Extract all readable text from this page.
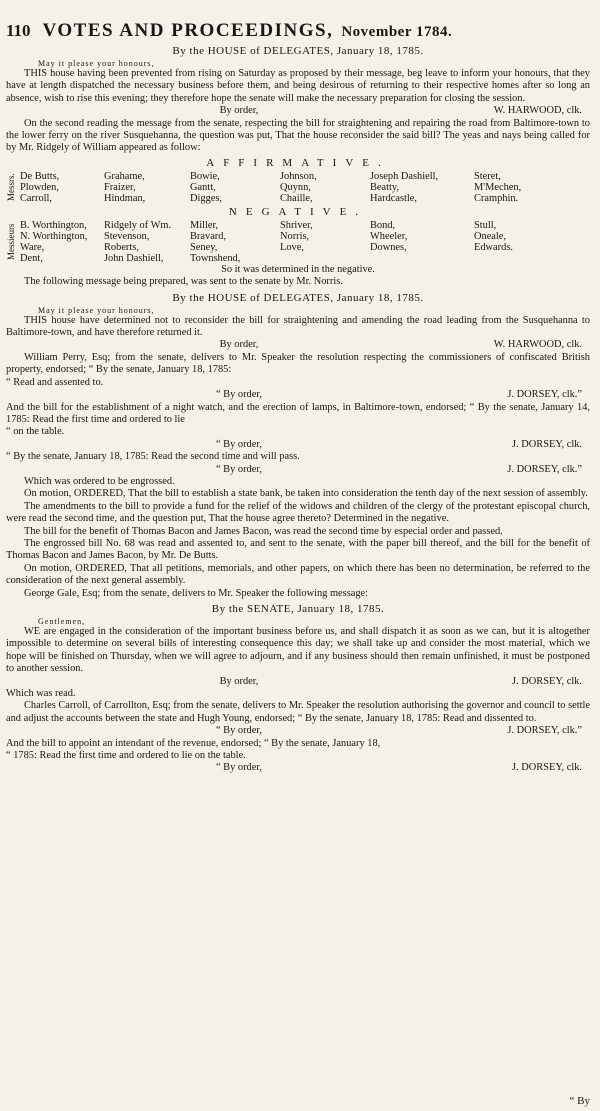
110 VOTES AND PROCEEDINGS, November 1784.
By the HOUSE of DELEGATES, January 18, 1785.
May it please your honours,

THIS house having been prevented from rising on Saturday as proposed by their message, beg leave to inform your honours, that they have at length dispatched the necessary business before them, and being desirous of returning to their respective homes after so long an absence, wish to rise this evening; they therefore hope the senate will make the necessary preparation for closing the session.

By order,	W. HARWOOD, clk.

On the second reading the message from the senate, respecting the bill for straightening and repairing the road from Baltimore-town to the lower ferry on the river Susquehanna, the question was put, That the house reconsider the said bill? The yeas and nays being called for by Mr. Ridgely of William appeared as follow:

AFFIRMATIVE.
Messrs. De Butts,	Grahame,	Bowie,	Johnson,	Joseph Dashiell,	Steret,
Plowden,	Fraizer,	Gantt,	Quynn,	Beatty,	M'Mechen,
Carroll,	Hindman,	Digges,	Chaille,	Hardcastle,	Cramphin.
NEGATIVE.
Messieurs B. Worthington,	Ridgely of Wm.	Miller,	Shriver,	Bond,	Stull,
N. Worthington,	Stevenson,	Bravard,	Norris,	Wheeler,	Oneale,
Ware,	Roberts,	Seney,	Love,	Downes,	Edwards.
Dent,	John Dashiell,	Townshend,

So it was determined in the negative.

The following message being prepared, was sent to the senate by Mr. Norris.

By the HOUSE of DELEGATES, January 18, 1785.
May it please your honours,

THIS house have determined not to reconsider the bill for straightening and amending the road leading from the Susquehanna to Baltimore-town, and have therefore returned it.

By order,	W. HARWOOD, clk.

William Perry, Esq; from the senate, delivers to Mr. Speaker the resolution respecting the commissioners of confiscated British property, endorsed; “ By the senate, January 18, 1785:

“ Read and assented to.

“ By order,	J. DORSEY, clk.”

And the bill for the establishment of a night watch, and the erection of lamps, in Baltimore-town, endorsed; “ By the senate, January 14, 1785: Read the first time and ordered to lie

“ on the table.

“ By order,	J. DORSEY, clk.

“ By the senate, January 18, 1785: Read the second time and will pass.

“ By order,	J. DORSEY, clk.”

Which was ordered to be engrossed.

On motion, ORDERED, That the bill to establish a state bank, be taken into consideration the tenth day of the next session of assembly.

The amendments to the bill to provide a fund for the relief of the widows and children of the clergy of the protestant episcopal church, were read the second time, and the question put, That the house agree thereto? Determined in the negative.

The bill for the benefit of Thomas Bacon and James Bacon, was read the second time by especial order and passed.

The engrossed bill No. 68 was read and assented to, and sent to the senate, with the paper bill thereof, and the bill for the benefit of Thomas Bacon and James Bacon, by Mr. De Butts.

On motion, ORDERED, That all petitions, memorials, and other papers, on which there has been no determination, be referred to the consideration of the next general assembly.

George Gale, Esq; from the senate, delivers to Mr. Speaker the following message:

By the SENATE, January 18, 1785.
Gentlemen,

WE are engaged in the consideration of the important business before us, and shall dispatch it as soon as we can, but it is altogether impossible to determine on several bills of interesting consequence this day; we shall take up and consider the most material, which we hope will be finished on Thursday, when we will agree to adjourn, and if any business should then remain unfinished, it must be postponed to another session.

By order,	J. DORSEY, clk.

Which was read.

Charles Carroll, of Carrollton, Esq; from the senate, delivers to Mr. Speaker the resolution authorising the governor and council to settle and adjust the accounts between the state and Hugh Young, endorsed; “ By the senate, January 18, 1785: Read and dissented to.

“ By order,	J. DORSEY, clk.”

And the bill to appoint an intendant of the revenue, endorsed; “ By the senate, January 18,

“ 1785: Read the first time and ordered to lie on the table.

“ By order,	J. DORSEY, clk.
“ By
